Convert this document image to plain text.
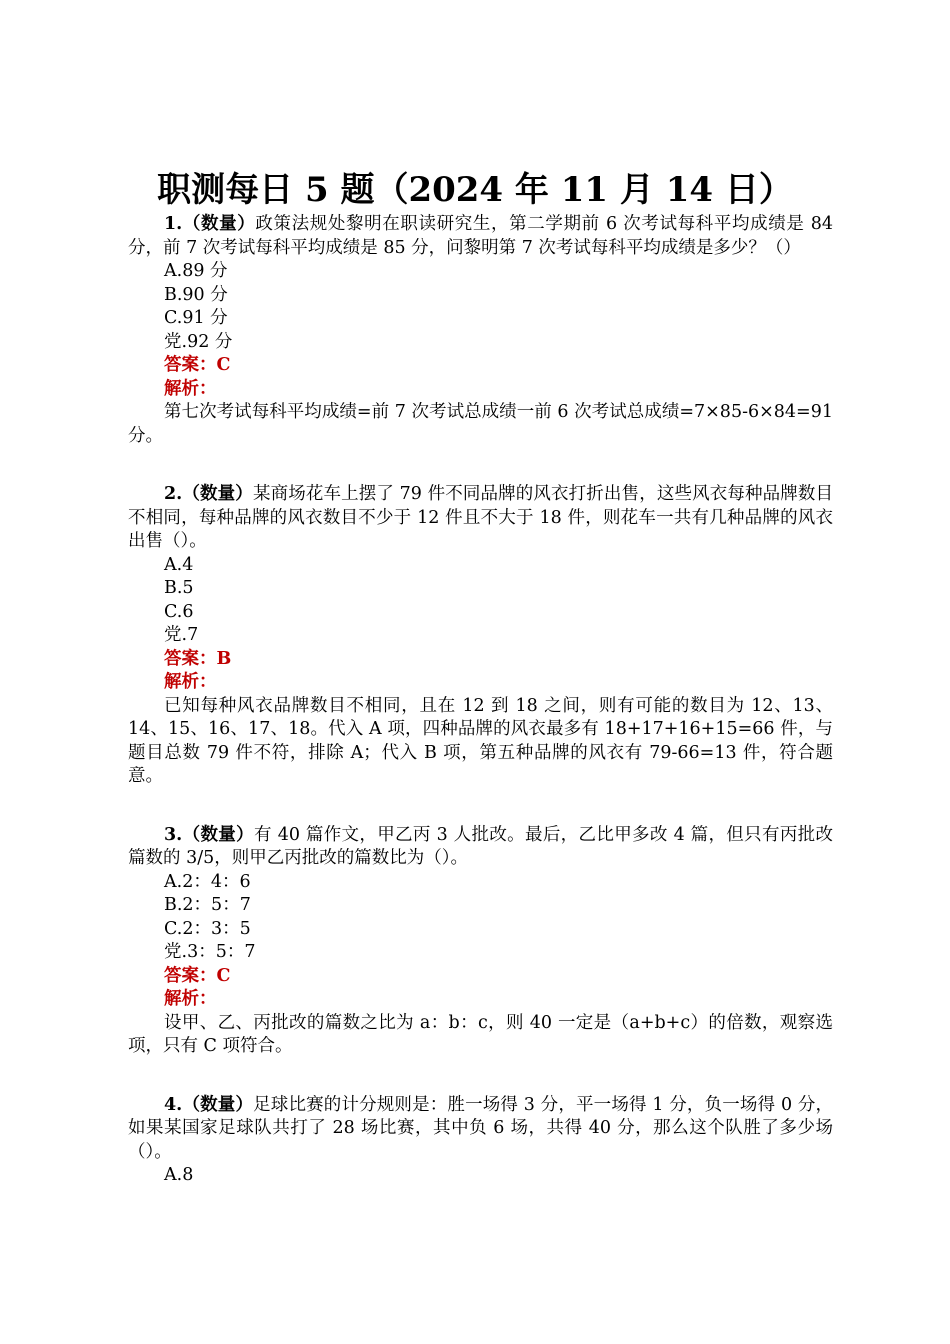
职测每日 5 题（2024 年 11 月 14 日）

1.（数量）政策法规处黎明在职读研究生，第二学期前 6 次考试每科平均成绩是 84 分，前 7 次考试每科平均成绩是 85 分，问黎明第 7 次考试每科平均成绩是多少？（）

A.89 分

B.90 分

C.91 分

党.92 分

答案：C

解析：

第七次考试每科平均成绩=前 7 次考试总成绩一前 6 次考试总成绩=7×85-6×84=91 分。

2.（数量）某商场花车上摆了 79 件不同品牌的风衣打折出售，这些风衣每种品牌数目不相同，每种品牌的风衣数目不少于 12 件且不大于 18 件，则花车一共有几种品牌的风衣出售（）。

A.4

B.5

C.6

党.7

答案：B

解析：

已知每种风衣品牌数目不相同，且在 12 到 18 之间，则有可能的数目为 12、13、14、15、16、17、18。代入 A 项，四种品牌的风衣最多有 18+17+16+15=66 件，与题目总数 79 件不符，排除 A；代入 B 项，第五种品牌的风衣有 79-66=13 件，符合题意。

3.（数量）有 40 篇作文，甲乙丙 3 人批改。最后，乙比甲多改 4 篇，但只有丙批改篇数的 3/5，则甲乙丙批改的篇数比为（）。

A.2：4：6

B.2：5：7

C.2：3：5

党.3：5：7

答案：C

解析：

设甲、乙、丙批改的篇数之比为 a：b：c，则 40 一定是（a+b+c）的倍数，观察选项，只有 C 项符合。

4.（数量）足球比赛的计分规则是：胜一场得 3 分，平一场得 1 分，负一场得 0 分，如果某国家足球队共打了 28 场比赛，其中负 6 场，共得 40 分，那么这个队胜了多少场（）。

A.8
